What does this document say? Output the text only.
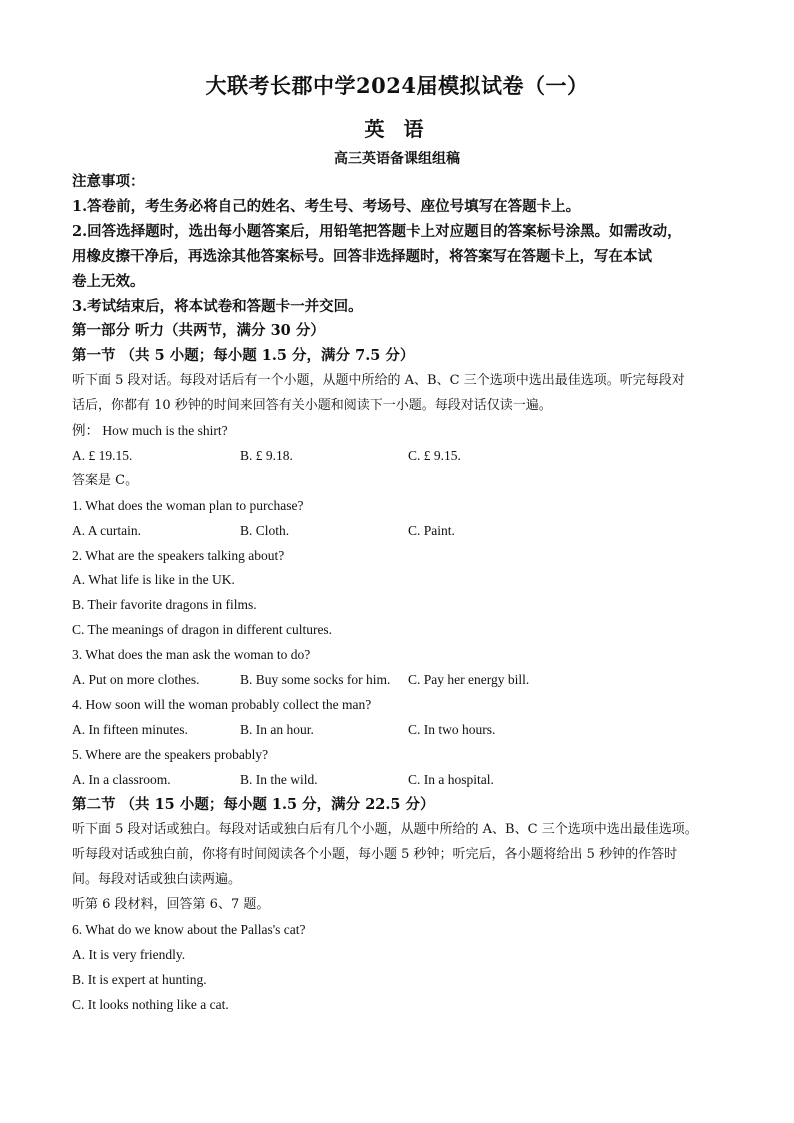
大联考长郡中学2024届模拟试卷（一）
英 语
高三英语备课组组稿
注意事项：
1.答卷前，考生务必将自己的姓名、考生号、考场号、座位号填写在答题卡上。
2.回答选择题时，选出每小题答案后，用铅笔把答题卡上对应题目的答案标号涂黑。如需改动，
用橡皮擦干净后，再选涂其他答案标号。回答非选择题时，将答案写在答题卡上，写在本试
卷上无效。
3.考试结束后，将本试卷和答题卡一并交回。
第一部分 听力（共两节，满分 30 分）
第一节 （共 5 小题；每小题 1.5 分，满分 7.5 分）
听下面 5 段对话。每段对话后有一个小题，从题中所给的 A、B、C 三个选项中选出最佳选项。听完每段对
话后，你都有 10 秒钟的时间来回答有关小题和阅读下一小题。每段对话仅读一遍。
例： How much is the shirt?
A. £ 19.15.	B. £ 9.18.	C. £ 9.15.
答案是 C。
1. What does the woman plan to purchase?
A. A curtain.	B. Cloth.	C. Paint.
2. What are the speakers talking about?
A. What life is like in the UK.
B. Their favorite dragons in films.
C. The meanings of dragon in different cultures.
3. What does the man ask the woman to do?
A. Put on more clothes.	B. Buy some socks for him. C. Pay her energy bill.
4. How soon will the woman probably collect the man?
A. In fifteen minutes.	B. In an hour.	C. In two hours.
5. Where are the speakers probably?
A. In a classroom.	B. In the wild.	C. In a hospital.
第二节 （共 15 小题；每小题 1.5 分，满分 22.5 分）
听下面 5 段对话或独白。每段对话或独白后有几个小题，从题中所给的 A、B、C 三个选项中选出最佳选项。
听每段对话或独白前，你将有时间阅读各个小题，每小题 5 秒钟；听完后，各小题将给出 5 秒钟的作答时
间。每段对话或独白读两遍。
听第 6 段材料，回答第 6、7 题。
6. What do we know about the Pallas's cat?
A. It is very friendly.
B. It is expert at hunting.
C. It looks nothing like a cat.
